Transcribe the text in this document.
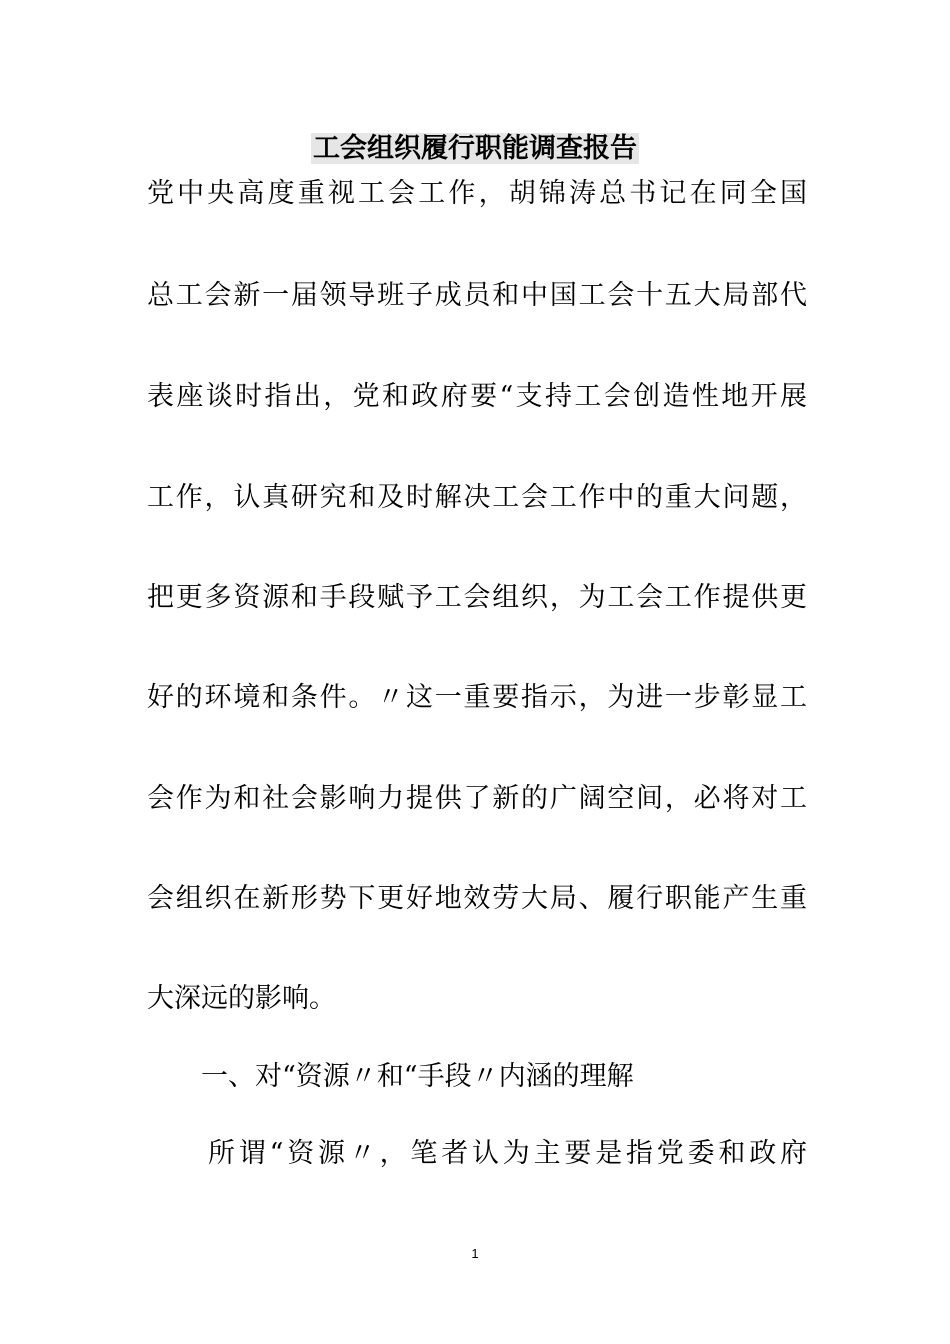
工会组织履行职能调查报告
党中央高度重视工会工作，胡锦涛总书记在同全国
总工会新一届领导班子成员和中国工会十五大局部代
表座谈时指出，党和政府要“支持工会创造性地开展
工作，认真研究和及时解决工会工作中的重大问题，
把更多资源和手段赋予工会组织，为工会工作提供更
好的环境和条件。〃这一重要指示，为进一步彰显工
会作为和社会影响力提供了新的广阔空间，必将对工
会组织在新形势下更好地效劳大局、履行职能产生重
大深远的影响。
一、对“资源〃和“手段〃内涵的理解
所谓“资源〃，笔者认为主要是指党委和政府
1
